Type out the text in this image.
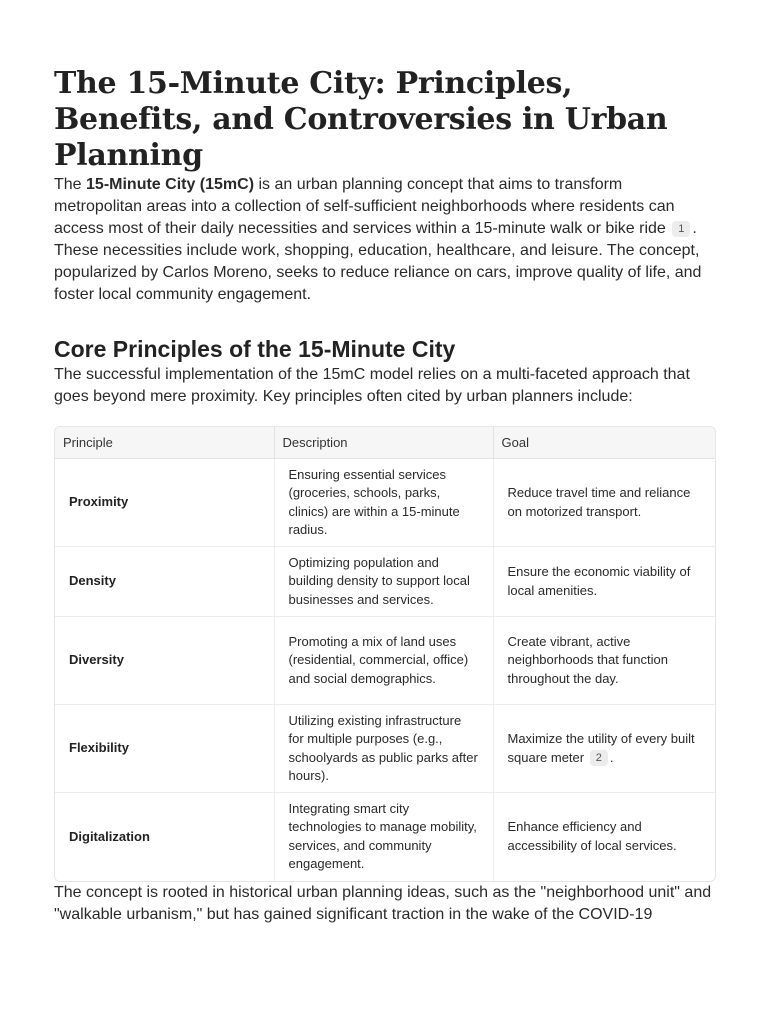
The 15-Minute City: Principles, Benefits, and Controversies in Urban Planning

The 15-Minute City (15mC) is an urban planning concept that aims to transform metropolitan areas into a collection of self-sufficient neighborhoods where residents can access most of their daily necessities and services within a 15-minute walk or bike ride 1 . These necessities include work, shopping, education, healthcare, and leisure. The concept, popularized by Carlos Moreno, seeks to reduce reliance on cars, improve quality of life, and foster local community engagement.

Core Principles of the 15-Minute City

The successful implementation of the 15mC model relies on a multi-faceted approach that goes beyond mere proximity. Key principles often cited by urban planners include:

Principle	Description	Goal
Proximity	Ensuring essential services (groceries, schools, parks, clinics) are within a 15-minute radius.	Reduce travel time and reliance on motorized transport.
Density	Optimizing population and building density to support local businesses and services.	Ensure the economic viability of local amenities.
Diversity	Promoting a mix of land uses (residential, commercial, office) and social demographics.	Create vibrant, active neighborhoods that function throughout the day.
Flexibility	Utilizing existing infrastructure for multiple purposes (e.g., schoolyards as public parks after hours).	Maximize the utility of every built square meter 2 .
Digitalization	Integrating smart city technologies to manage mobility, services, and community engagement.	Enhance efficiency and accessibility of local services.

The concept is rooted in historical urban planning ideas, such as the "neighborhood unit" and "walkable urbanism," but has gained significant traction in the wake of the COVID-19
